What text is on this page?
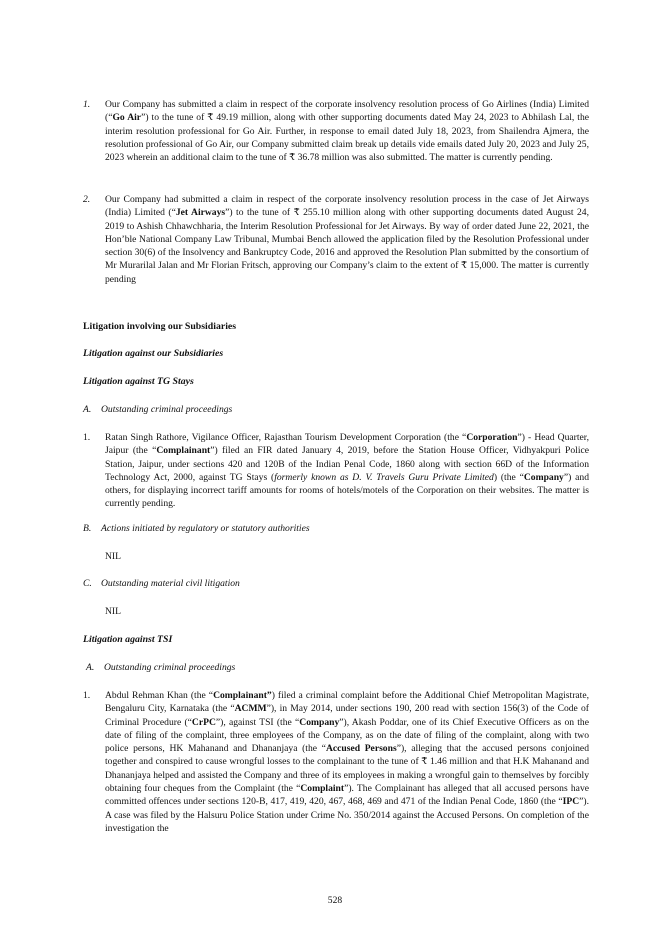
1. Our Company has submitted a claim in respect of the corporate insolvency resolution process of Go Airlines (India) Limited (“Go Air”) to the tune of ₹ 49.19 million, along with other supporting documents dated May 24, 2023 to Abhilash Lal, the interim resolution professional for Go Air. Further, in response to email dated July 18, 2023, from Shailendra Ajmera, the resolution professional of Go Air, our Company submitted claim break up details vide emails dated July 20, 2023 and July 25, 2023 wherein an additional claim to the tune of ₹ 36.78 million was also submitted. The matter is currently pending.
2. Our Company had submitted a claim in respect of the corporate insolvency resolution process in the case of Jet Airways (India) Limited (“Jet Airways”) to the tune of ₹ 255.10 million along with other supporting documents dated August 24, 2019 to Ashish Chhawchharia, the Interim Resolution Professional for Jet Airways. By way of order dated June 22, 2021, the Hon’ble National Company Law Tribunal, Mumbai Bench allowed the application filed by the Resolution Professional under section 30(6) of the Insolvency and Bankruptcy Code, 2016 and approved the Resolution Plan submitted by the consortium of Mr Murarilal Jalan and Mr Florian Fritsch, approving our Company’s claim to the extent of ₹ 15,000. The matter is currently pending
Litigation involving our Subsidiaries
Litigation against our Subsidiaries
Litigation against TG Stays
A. Outstanding criminal proceedings
1. Ratan Singh Rathore, Vigilance Officer, Rajasthan Tourism Development Corporation (the “Corporation”) - Head Quarter, Jaipur (the “Complainant”) filed an FIR dated January 4, 2019, before the Station House Officer, Vidhyakpuri Police Station, Jaipur, under sections 420 and 120B of the Indian Penal Code, 1860 along with section 66D of the Information Technology Act, 2000, against TG Stays (formerly known as D. V. Travels Guru Private Limited) (the “Company”) and others, for displaying incorrect tariff amounts for rooms of hotels/motels of the Corporation on their websites. The matter is currently pending.
B. Actions initiated by regulatory or statutory authorities
NIL
C. Outstanding material civil litigation
NIL
Litigation against TSI
A. Outstanding criminal proceedings
1. Abdul Rehman Khan (the “Complainant”) filed a criminal complaint before the Additional Chief Metropolitan Magistrate, Bengaluru City, Karnataka (the “ACMM”), in May 2014, under sections 190, 200 read with section 156(3) of the Code of Criminal Procedure (“CrPC”), against TSI (the “Company”), Akash Poddar, one of its Chief Executive Officers as on the date of filing of the complaint, three employees of the Company, as on the date of filing of the complaint, along with two police persons, HK Mahanand and Dhananjaya (the “Accused Persons”), alleging that the accused persons conjoined together and conspired to cause wrongful losses to the complainant to the tune of ₹ 1.46 million and that H.K Mahanand and Dhananjaya helped and assisted the Company and three of its employees in making a wrongful gain to themselves by forcibly obtaining four cheques from the Complaint (the “Complaint”). The Complainant has alleged that all accused persons have committed offences under sections 120-B, 417, 419, 420, 467, 468, 469 and 471 of the Indian Penal Code, 1860 (the “IPC”). A case was filed by the Halsuru Police Station under Crime No. 350/2014 against the Accused Persons. On completion of the investigation the
528
